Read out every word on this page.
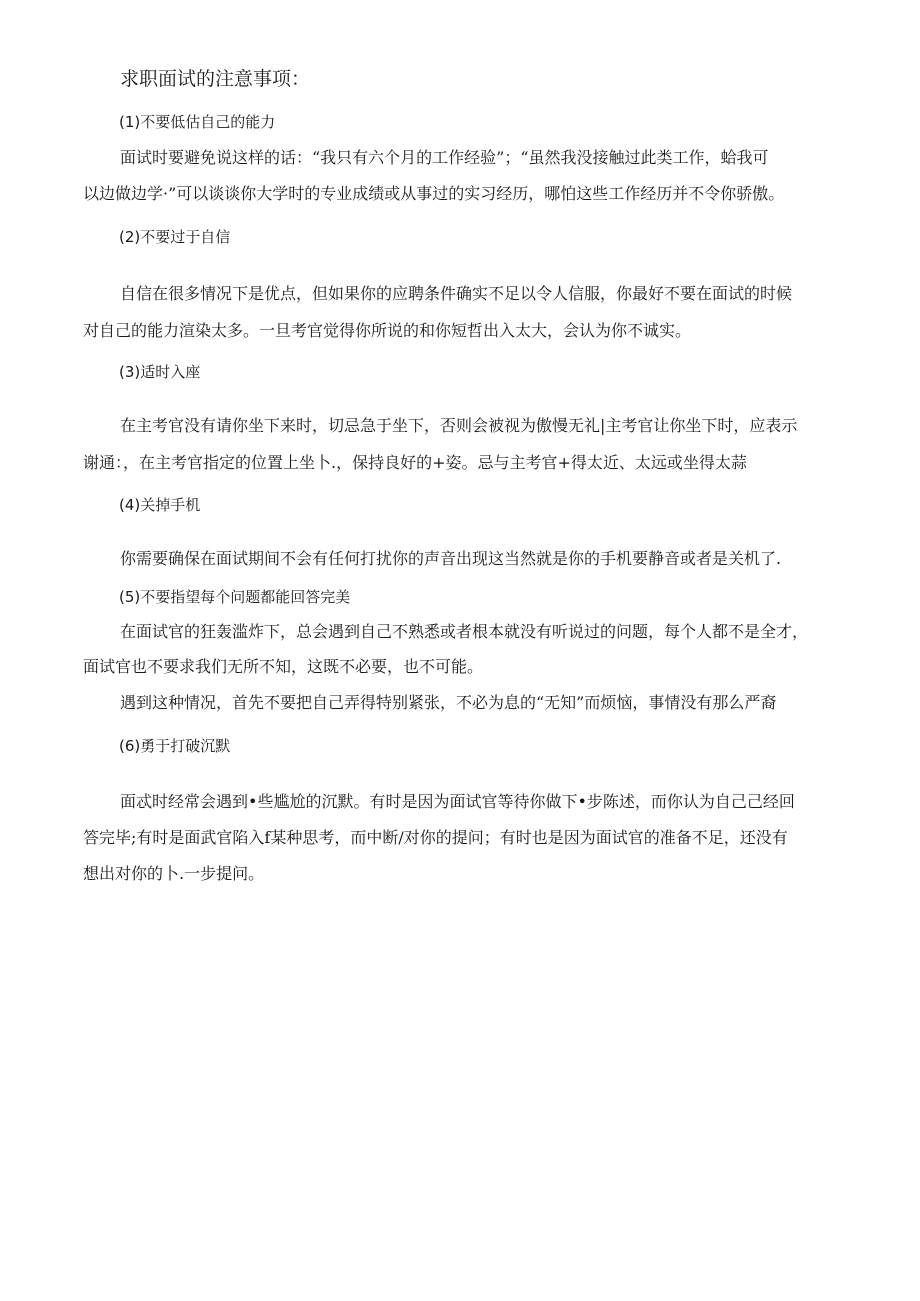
求职面试的注意事项：
(1)不要低估自己的能力
面试时要避免说这样的话：“我只有六个月的工作经验”；“虽然我没接触过此类工作，蛤我可
以边做边学·”可以谈谈你大学时的专业成绩或从事过的实习经历，哪怕这些工作经历并不令你骄傲。
(2)不要过于自信
自信在很多情况下是优点，但如果你的应聘条件确实不足以令人信服，你最好不要在面试的时候
对自己的能力渲染太多。一旦考官觉得你所说的和你短哲出入太大，会认为你不诚实。
(3)适时入座
在主考官没有请你坐下来时，切忌急于坐下，否则会被视为傲慢无礼|主考官让你坐下时，应表示
谢通：，在主考官指定的位置上坐卜.，保持良好的+姿。忌与主考官+得太近、太远或坐得太蒜
(4)关掉手机
你需要确保在面试期间不会有任何打扰你的声音出现这当然就是你的手机要静音或者是关机了.
(5)不要指望每个问题都能回答完美
在面试官的狂轰滥炸下，总会遇到自己不熟悉或者根本就没有听说过的问题，每个人都不是全才，
面试官也不要求我们无所不知，这既不必要，也不可能。
遇到这种情况，首先不要把自己弄得特别紧张，不必为息的“无知”而烦恼，事情没有那么严裔
(6)勇于打破沉默
面忒时经常会遇到•些尴尬的沉默。有时是因为面试官等待你做下•步陈述，而你认为自己己经回
答完毕;有时是面武官陷入f某种思考，而中断/对你的提问；有时也是因为面试官的准备不足，还没有
想出对你的卜.一步提问。
